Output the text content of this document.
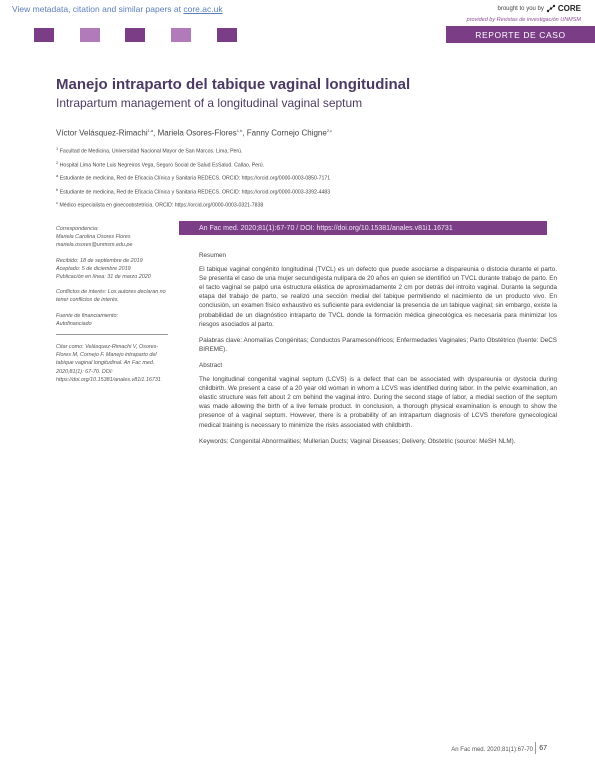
View metadata, citation and similar papers at core.ac.uk	brought to you by CORE
provided by Revistas de investigación UNMSM
REPORTE DE CASO
Manejo intraparto del tabique vaginal longitudinal
Intrapartum management of a longitudinal vaginal septum
Víctor Velásquez-Rimachi$^{1,a}$, Mariela Osores-Flores$^{1,b}$, Fanny Cornejo Chigne$^{2,c}$
$^1$ Facultad de Medicina, Universidad Nacional Mayor de San Marcos. Lima, Perú.
$^2$ Hospital Lima Norte Luis Negreiros Vega, Seguro Social de Salud EsSalud. Callao, Perú.
$^a$ Estudiante de medicina, Red de Eficacia Clínica y Sanitaria REDECS. ORCID: https://orcid.org/0000-0003-0850-7171
$^b$ Estudiante de medicina, Red de Eficacia Clínica y Sanitaria REDECS. ORCID: https://orcid.org/0000-0003-3392-4483
$^c$ Médico especialista en ginecoobstetricia. ORCID: https://orcid.org/0000-0003-0321-7838

Correspondencia:

Mariela Carolina Osores Flores

mariela.osores@unmsm.edu.pe

Recibido: 18 de septiembre de 2019

Aceptado: 5 de diciembre 2019

Publicación en línea: 31 de marzo 2020

Conflictos de interés: Los autores declaran no tener conflictos de interés.

Fuente de financiamiento:

Autofinanciado

Citar como: Velásquez-Rimachi V, Osores-Flores M, Cornejo F. Manejo intraparto del tabique vaginal longitudinal. An Fac med. 2020;81(1): 67-70. DOI: https://doi.org/10.15381/anales.v81i1.16731

An Fac med. 2020;81(1):67-70 / DOI: https://doi.org/10.15381/anales.v81i1.16731

Resumen

El tabique vaginal congénito longitudinal (TVCL) es un defecto que puede asociarse a dispareunia o distocia durante el parto. Se presenta el caso de una mujer secundigesta nulípara de 20 años en quien se identificó un TVCL durante trabajo de parto. En el tacto vaginal se palpó una estructura elástica de aproximadamente 2 cm por detrás del introito vaginal. Durante la segunda etapa del trabajo de parto, se realizó una sección medial del tabique permitiendo el nacimiento de un producto vivo. En conclusión, un examen físico exhaustivo es suficiente para evidenciar la presencia de un tabique vaginal; sin embargo, existe la probabilidad de un diagnóstico intraparto de TVCL donde la formación médica ginecológica es necesaria para minimizar los riesgos asociados al parto.

Palabras clave: Anomalías Congénitas; Conductos Paramesonéfricos; Enfermedades Vaginales; Parto Obstétrico (fuente: DeCS BIREME).

Abstract

The longitudinal congenital vaginal septum (LCVS) is a defect that can be associated with dyspareunia or dystocia during childbirth. We present a case of a 20 year old woman in whom a LCVS was identified during labor. In the pelvic examination, an elastic structure was felt about 2 cm behind the vaginal intro. During the second stage of labor, a medial section of the septum was made allowing the birth of a live female product. In conclusion, a thorough physical examination is enough to show the presence of a vaginal septum. However, there is a probability of an intrapartum diagnosis of LCVS therefore gynecological medical training is necessary to minimize the risks associated with childbirth.

Keywords: Congenital Abnormalities; Mullerian Ducts; Vaginal Diseases; Delivery, Obstetric (source: MeSH NLM).

An Fac med. 2020;81(1):67-70 67
